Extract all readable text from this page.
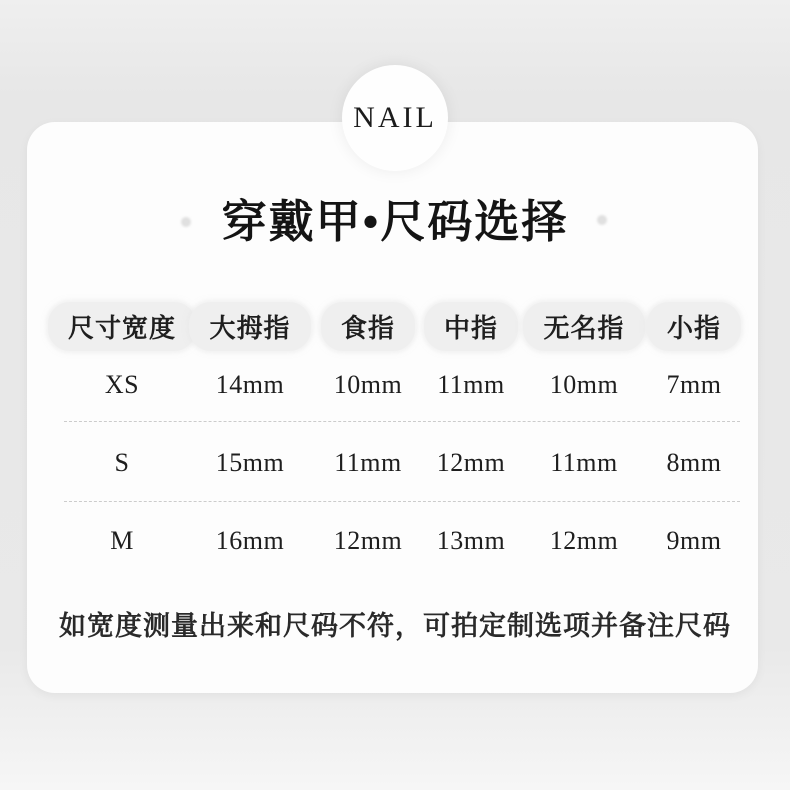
NAIL
穿戴甲•尺码选择
尺寸宽度	大拇指	食指	中指	无名指	小指
XS	14mm 10mm 11mm 10mm 7mm
S	15mm 11mm 12mm 11mm 8mm
M	16mm 12mm 13mm 12mm 9mm
如宽度测量出来和尺码不符，可拍定制选项并备注尺码
